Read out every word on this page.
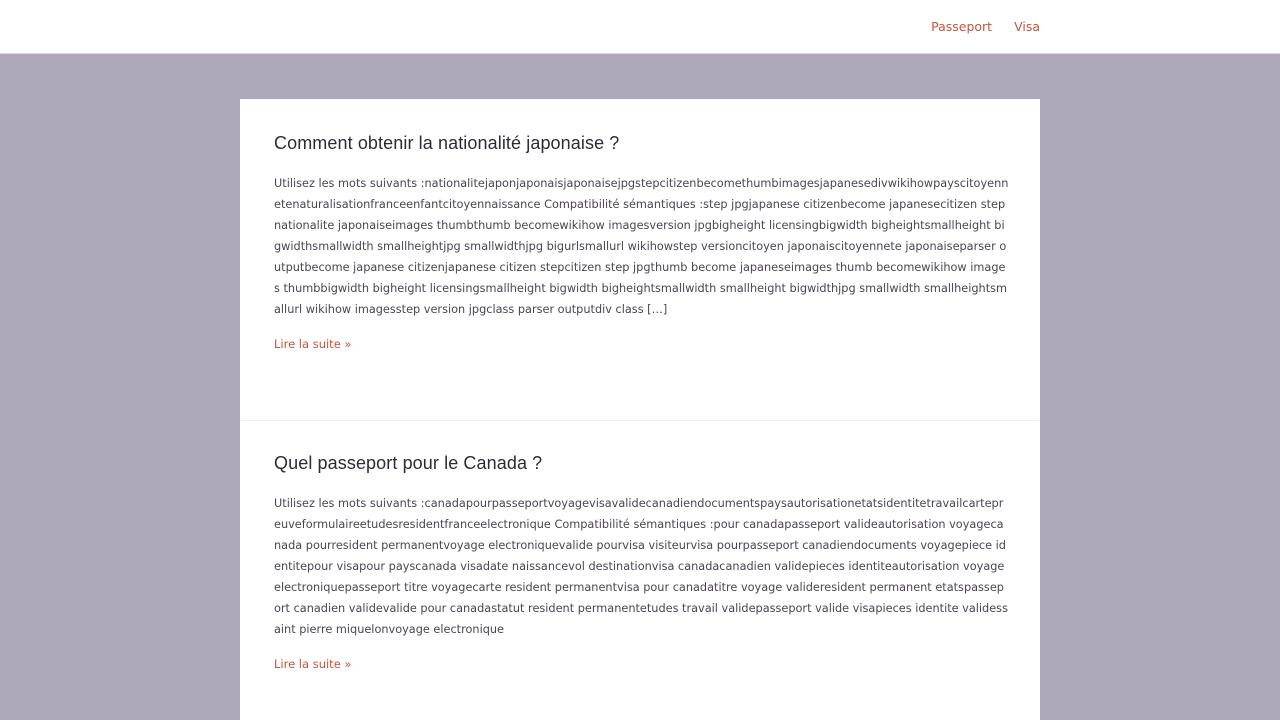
Passeport Visa
Comment obtenir la nationalité japonaise ?

Utilisez les mots suivants :nationalitejaponjaponaisjaponaisejpgstepcitizenbecomethumbimagesjapanesedivwikihowpayscitoyennetenaturalisationfranceenfantcitoyennaissance Compatibilité sémantiques :step jpgjapanese citizenbecome japanesecitizen stepnationalite japonaiseimages thumbthumb becomewikihow imagesversion jpgbigheight licensingbigwidth bigheightsmallheight bigwidthsmallwidth smallheightjpg smallwidthjpg bigurlsmallurl wikihowstep versioncitoyen japonaiscitoyennete japonaiseparser outputbecome japanese citizenjapanese citizen stepcitizen step jpgthumb become japaneseimages thumb becomewikihow images thumbbigwidth bigheight licensingsmallheight bigwidth bigheightsmallwidth smallheight bigwidthjpg smallwidth smallheightsmallurl wikihow imagesstep version jpgclass parser outputdiv class […]

Lire la suite »
Quel passeport pour le Canada ?

Utilisez les mots suivants :canadapourpasseportvoyagevisavalidecanadiendocumentspaysautorisationetatsidentitetravailcartepreuveformulaireetudesresidentfranceelectronique Compatibilité sémantiques :pour canadapasseport valideautorisation voyagecanada pourresident permanentvoyage electroniquevalide pourvisa visiteurvisa pourpasseport canadiendocuments voyagepiece identitepour visapour payscanada visadate naissancevol destinationvisa canadacanadien validepieces identiteautorisation voyage electroniquepasseport titre voyagecarte resident permanentvisa pour canadatitre voyage valideresident permanent etatspasseport canadien validevalide pour canadastatut resident permanentetudes travail validepasseport valide visapieces identite validessaint pierre miquelonvoyage electronique

Lire la suite »
